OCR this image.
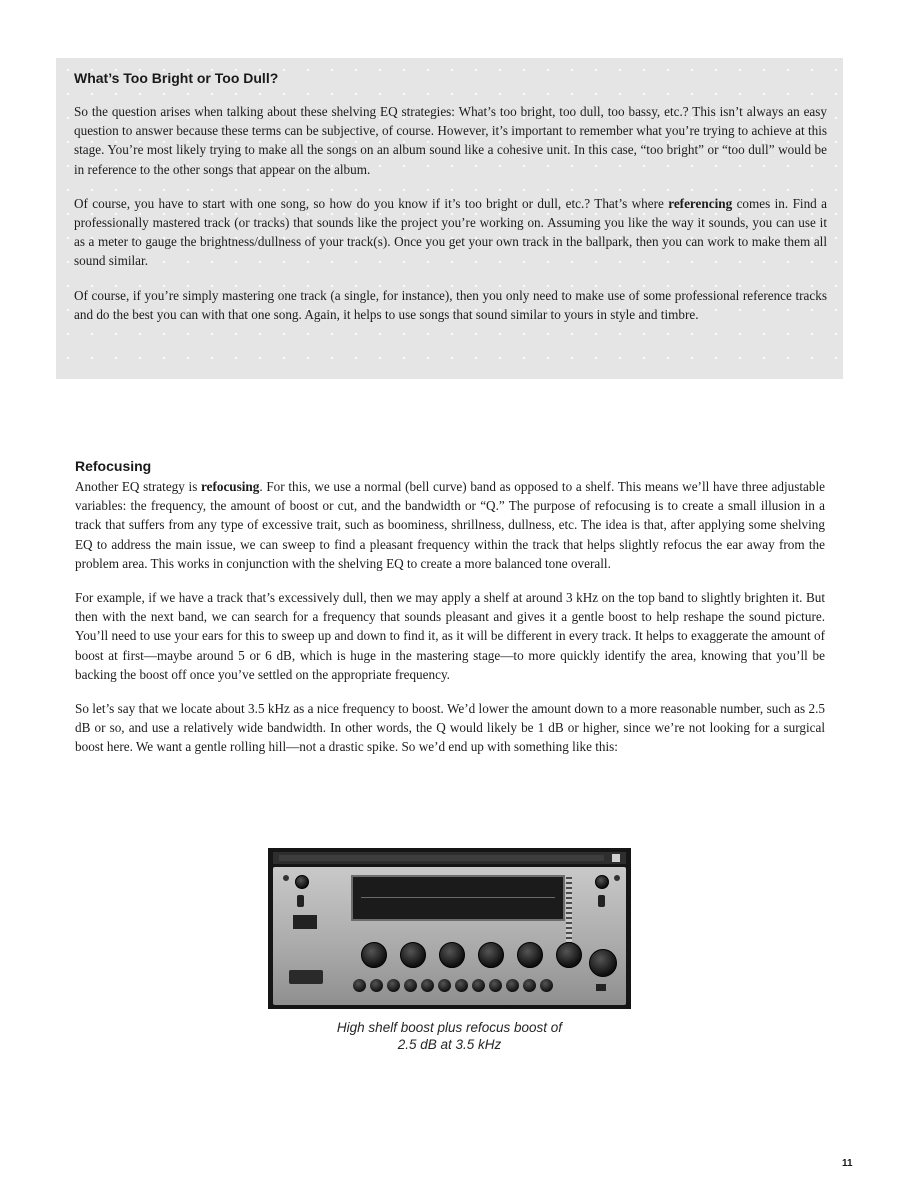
What’s Too Bright or Too Dull?

So the question arises when talking about these shelving EQ strategies: What’s too bright, too dull, too bassy, etc.? This isn’t always an easy question to answer because these terms can be subjective, of course. However, it’s important to remember what you’re trying to achieve at this stage. You’re most likely trying to make all the songs on an album sound like a cohesive unit. In this case, “too bright” or “too dull” would be in reference to the other songs that appear on the album.

Of course, you have to start with one song, so how do you know if it’s too bright or dull, etc.? That’s where referencing comes in. Find a professionally mastered track (or tracks) that sounds like the project you’re working on. Assuming you like the way it sounds, you can use it as a meter to gauge the brightness/dullness of your track(s). Once you get your own track in the ballpark, then you can work to make them all sound similar.

Of course, if you’re simply mastering one track (a single, for instance), then you only need to make use of some professional reference tracks and do the best you can with that one song. Again, it helps to use songs that sound similar to yours in style and timbre.

Refocusing

Another EQ strategy is refocusing. For this, we use a normal (bell curve) band as opposed to a shelf. This means we’ll have three adjustable variables: the frequency, the amount of boost or cut, and the bandwidth or “Q.” The purpose of refocusing is to create a small illusion in a track that suffers from any type of excessive trait, such as boominess, shrillness, dullness, etc. The idea is that, after applying some shelving EQ to address the main issue, we can sweep to find a pleasant frequency within the track that helps slightly refocus the ear away from the problem area. This works in conjunction with the shelving EQ to create a more balanced tone overall.

For example, if we have a track that’s excessively dull, then we may apply a shelf at around 3 kHz on the top band to slightly brighten it. But then with the next band, we can search for a frequency that sounds pleasant and gives it a gentle boost to help reshape the sound picture. You’ll need to use your ears for this to sweep up and down to find it, as it will be different in every track. It helps to exaggerate the amount of boost at first—maybe around 5 or 6 dB, which is huge in the mastering stage—to more quickly identify the area, knowing that you’ll be backing the boost off once you’ve settled on the appropriate frequency.

So let’s say that we locate about 3.5 kHz as a nice frequency to boost. We’d lower the amount down to a more reasonable number, such as 2.5 dB or so, and use a relatively wide bandwidth. In other words, the Q would likely be 1 dB or higher, since we’re not looking for a surgical boost here. We want a gentle rolling hill—not a drastic spike. So we’d end up with something like this:

High shelf boost plus refocus boost of
2.5 dB at 3.5 kHz
11
